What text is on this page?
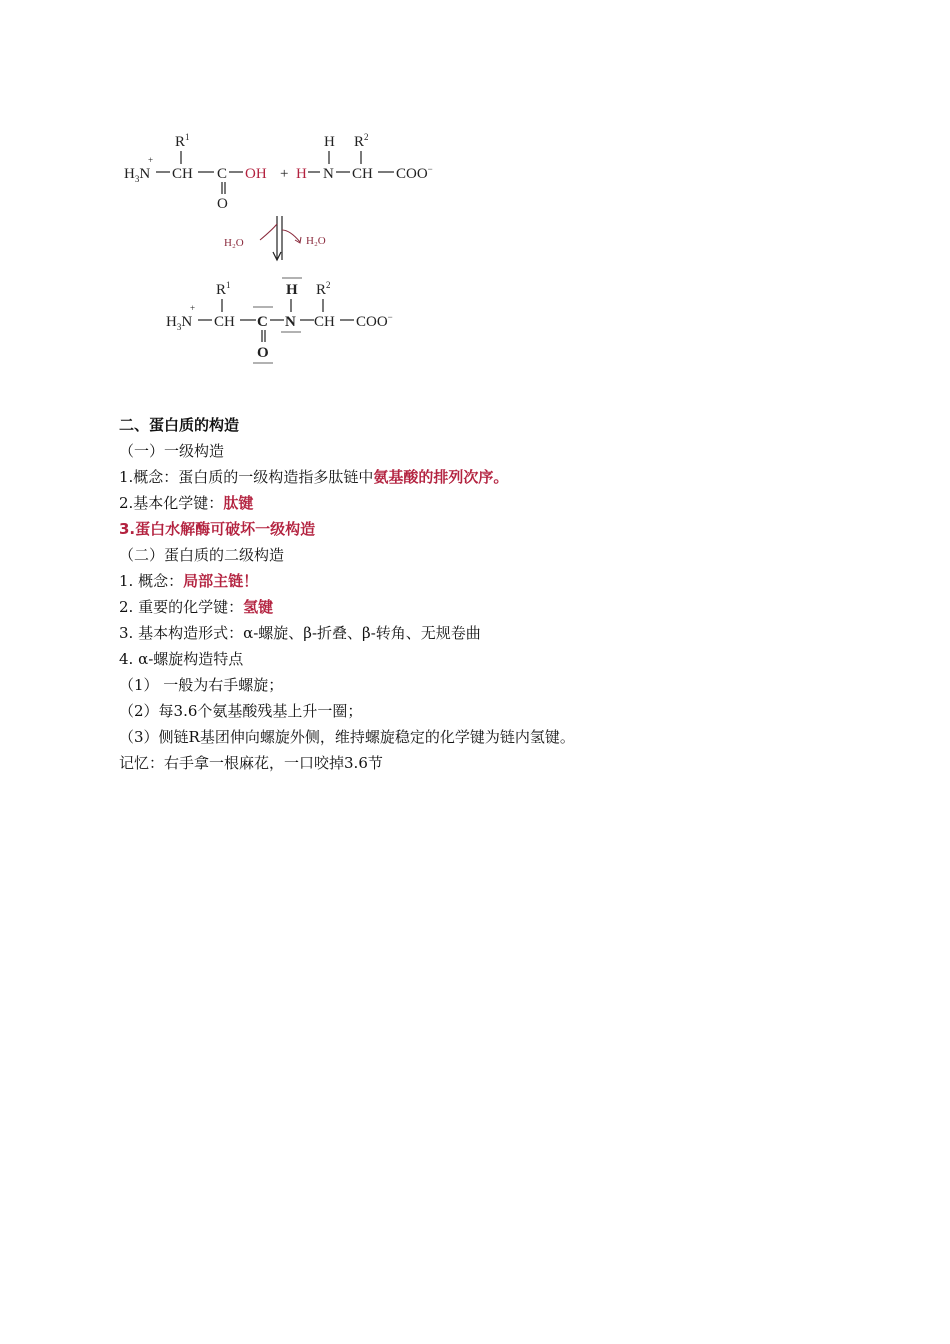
$R^1$
$H_3N$
+
CH C
O
OH + H
H
N
$R^2$
CH COO−
H₂O	H₂O
$R^1$
$H_3N$
+
CH C
O
H
N
$R^2$
CH COO−
二、蛋白质的构造
（一）一级构造
1.概念：蛋白质的一级构造指多肽链中氨基酸的排列次序。
2.基本化学键：肽键
3.蛋白水解酶可破坏一级构造
（二）蛋白质的二级构造
1. 概念：局部主链！
2. 重要的化学键：氢键
3. 基本构造形式：α-螺旋、β-折叠、β-转角、无规卷曲
4. α-螺旋构造特点
（1） 一般为右手螺旋；
（2）每3.6个氨基酸残基上升一圈；
（3）侧链R基团伸向螺旋外侧，维持螺旋稳定的化学键为链内氢键。
记忆：右手拿一根麻花，一口咬掉3.6节
